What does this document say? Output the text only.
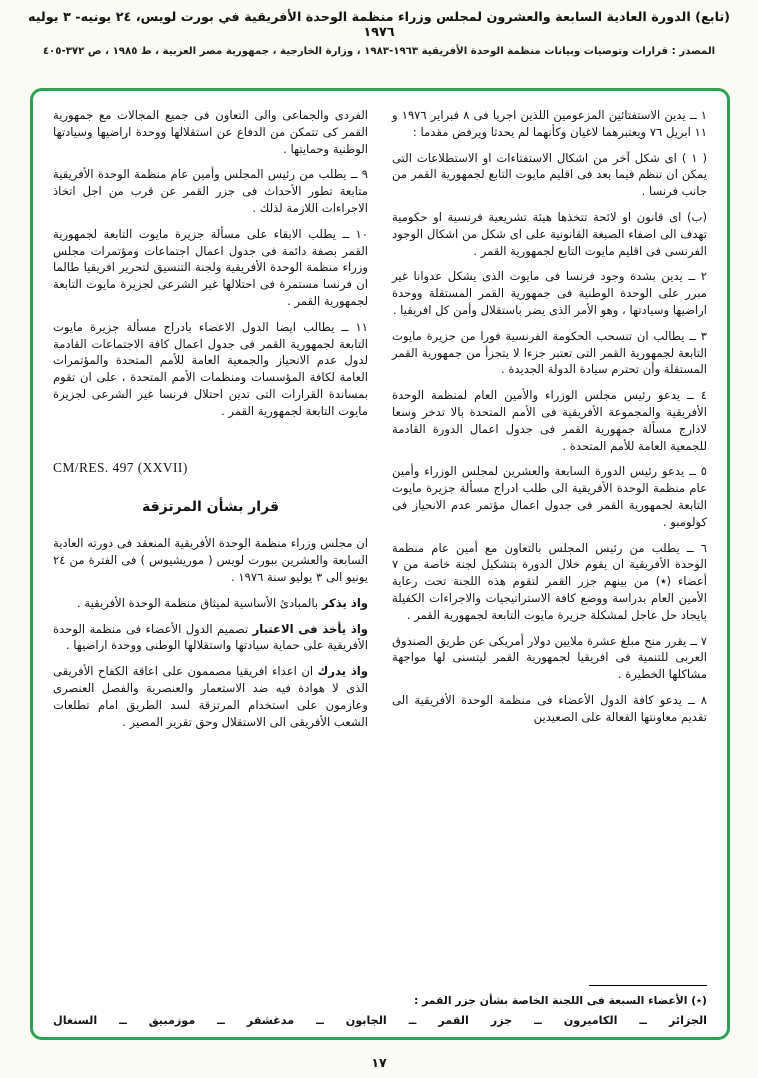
(تابع) الدورة العادية السابعة والعشرون لمجلس وزراء منظمة الوحدة الأفريقية في بورت لويس، ٢٤ يونيه- ٣ يوليه ١٩٧٦
المصدر : قرارات وتوصيات وبيانات منظمة الوحدة الأفريقية ١٩٦٣-١٩٨٣ ، وزارة الخارجية ، جمهورية مصر العربية ، ط ١٩٨٥ ، ص ٣٧٢-٤٠٥

١ ــ يدين الاستفتائين المزعومين اللذين اجريا فى ٨ فبراير ١٩٧٦ و ١١ ابريل ٧٦ ويعتبرهما لاغيان وكأنهما لم يحدثا ويرفض مقدما :

( ١ ) اى شكل آخر من اشكال الاستفتاءات او الاستطلاعات التى يمكن ان تنظم فيما بعد فى اقليم مايوت التابع لجمهورية القمر من جانب فرنسا .

(ب) اى قانون او لائحة تتخذها هيئة تشريعية فرنسية او حكومية تهدف الى اضفاء الصبغة القانونية على اى شكل من اشكال الوجود الفرنسى فى اقليم مايوت التابع لجمهورية القمر .

٢ ــ يدين بشدة وجود فرنسا فى مايوت الذى يشكل عدوانا غير مبرر على الوحدة الوطنية فى جمهورية القمر المستقلة ووحدة اراضيها وسيادتها ، وهو الأمر الذى يضر باستقلال وأمن كل افريقيا .

٣ ــ يطالب ان تنسحب الحكومة الفرنسية فورا من جزيرة مايوت التابعة لجمهورية القمر التى تعتبر جزءا لا يتجزأ من جمهورية القمر المستقلة وأن تحترم سيادة الدولة الجديدة .

٤ ــ يدعو رئيس مجلس الوزراء والأمين العام لمنظمة الوحدة الأفريقية والمجموعة الأفريقية فى الأمم المتحدة بالا تدخر وسعا لادارج مسألة جمهورية القمر فى جدول اعمال الدورة القادمة للجمعية العامة للأمم المتحدة .

٥ ــ يدعو رئيس الدورة السابعة والعشرين لمجلس الوزراء وأمين عام منظمة الوحدة الأفريقية الى طلب ادراج مسألة جزيرة مايوت التابعة لجمهورية القمر فى جدول اعمال مؤتمر عدم الانحياز فى كولومبو .

٦ ــ يطلب من رئيس المجلس بالتعاون مع أمين عام منظمة الوحدة الأفريقية ان يقوم خلال الدورة بتشكيل لجنة خاصة من ٧ أعضاء (٭) من بينهم جزر القمر لتقوم هذه اللجنة تحت رعاية الأمين العام بدراسة ووضع كافة الاستراتيجيات والاجراءات الكفيلة بايجاد حل عاجل لمشكلة جزيرة مايوت التابعة لجمهورية القمر .

٧ ــ يقرر منح مبلغ عشرة ملايين دولار أمريكى عن طريق الصندوق العربى للتنمية فى افريقيا لجمهورية القمر ليتسنى لها مواجهة مشاكلها الخطيرة .

٨ ــ يدعو كافة الدول الأعضاء فى منظمة الوحدة الأفريقية الى تقديم معاونتها الفعالة على الصعيدين

الفردى والجماعى والى التعاون فى جميع المجالات مع جمهورية القمر كى تتمكن من الدفاع عن استقلالها ووحدة اراضيها وسيادتها الوطنية وحمايتها .

٩ ــ يطلب من رئيس المجلس وأمين عام منظمة الوحدة الأفريقية متابعة تطور الأحداث فى جزر القمر عن قرب من اجل اتخاذ الاجراءات اللازمة لذلك .

١٠ ــ يطلب الابقاء على مسألة جزيرة مايوت التابعة لجمهورية القمر بصفة دائمة فى جدول اعمال اجتماعات ومؤتمرات مجلس وزراء منظمة الوحدة الأفريقية ولجنة التنسيق لتحرير افريقيا طالما ان فرنسا مستمرة فى احتلالها غير الشرعى لجزيرة مايوت التابعة لجمهورية القمر .

١١ ــ يطالب ايضا الدول الاعضاء بادراج مسألة جزيرة مايوت التابعة لجمهورية القمر فى جدول اعمال كافة الاجتماعات القادمة لدول عدم الانحياز والجمعية العامة للأمم المتحدة والمؤتمرات العامة لكافة المؤسسات ومنظمات الأمم المتحدة ، على ان تقوم بمساندة القرارات التى تدين احتلال فرنسا غير الشرعى لجزيرة مايوت التابعة لجمهورية القمر .

CM/RES. 497 (XXVII)
قرار بشأن المرتزقة

ان مجلس وزراء منظمة الوحدة الأفريقية المنعقد فى دورته العادية السابعة والعشرين ببورت لويس ( موريشيوس ) فى الفترة من ٢٤ يونيو الى ٣ يوليو سنة ١٩٧٦ .

واذ يذكر بالمبادئ الأساسية لميثاق منظمة الوحدة الأفريقية .

واذ يأخذ فى الاعتبار تصميم الدول الأعضاء فى منظمة الوحدة الأفريقية على حماية سيادتها واستقلالها الوطنى ووحدة اراضيها .

واذ يدرك ان اعداء افريقيا مصممون على اعاقة الكفاح الأفريقى الذى لا هوادة فيه ضد الاستعمار والعنصرية والفصل العنصرى وعازمون على استخدام المرتزقة لسد الطريق امام تطلعات الشعب الأفريقى الى الاستقلال وحق تقرير المصير .

(٭) الأعضاء السبعة فى اللجنة الخاصة بشأن جزر القمر :

الجزائر ــ الكاميرون ــ جزر القمر ــ الجابون ــ مدغشقر ــ موزمبيق ــ السنغال

١٧
